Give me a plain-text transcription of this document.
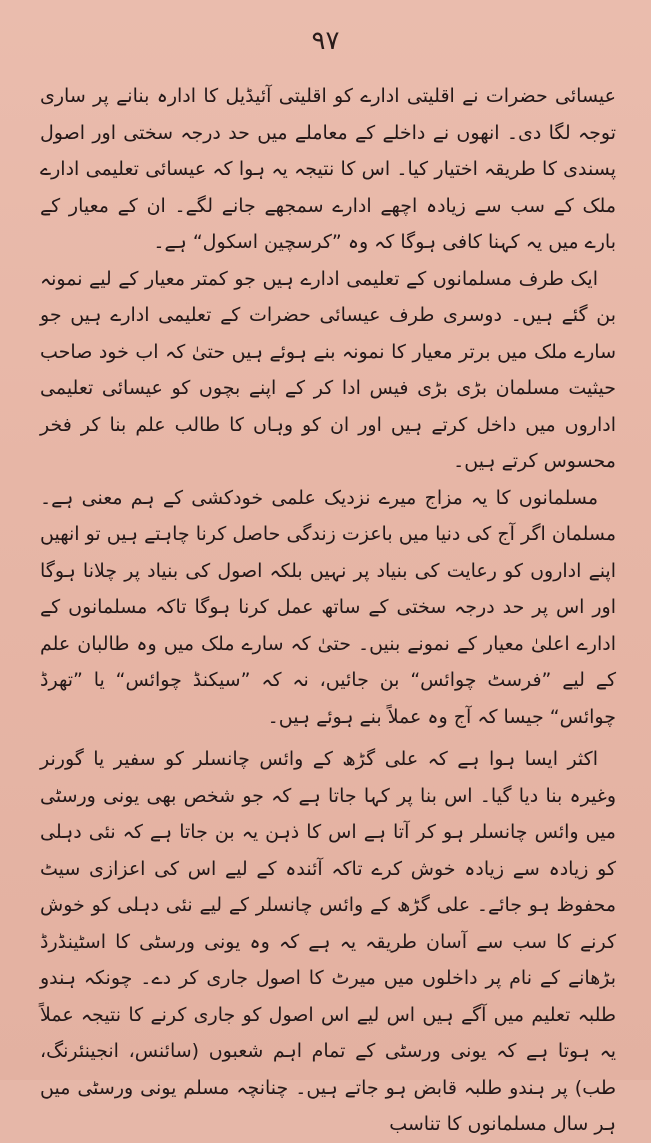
۹۷

عیسائی حضرات نے اقلیتی ادارے کو اقلیتی آئیڈیل کا ادارہ بنانے پر ساری توجہ لگا دی۔ انھوں نے داخلے کے معاملے میں حد درجہ سختی اور اصول پسندی کا طریقہ اختیار کیا۔ اس کا نتیجہ یہ ہوا کہ عیسائی تعلیمی ادارے ملک کے سب سے زیادہ اچھے ادارے سمجھے جانے لگے۔ ان کے معیار کے بارے میں یہ کہنا کافی ہوگا کہ وہ ”کرسچین اسکول“ ہے۔

ایک طرف مسلمانوں کے تعلیمی ادارے ہیں جو کمتر معیار کے لیے نمونہ بن گئے ہیں۔ دوسری طرف عیسائی حضرات کے تعلیمی ادارے ہیں جو سارے ملک میں برتر معیار کا نمونہ بنے ہوئے ہیں حتیٰ کہ اب خود صاحب حیثیت مسلمان بڑی بڑی فیس ادا کر کے اپنے بچوں کو عیسائی تعلیمی اداروں میں داخل کرتے ہیں اور ان کو وہاں کا طالب علم بنا کر فخر محسوس کرتے ہیں۔

مسلمانوں کا یہ مزاج میرے نزدیک علمی خودکشی کے ہم معنی ہے۔ مسلمان اگر آج کی دنیا میں باعزت زندگی حاصل کرنا چاہتے ہیں تو انھیں اپنے اداروں کو رعایت کی بنیاد پر نہیں بلکہ اصول کی بنیاد پر چلانا ہوگا اور اس پر حد درجہ سختی کے ساتھ عمل کرنا ہوگا تاکہ مسلمانوں کے ادارے اعلیٰ معیار کے نمونے بنیں۔ حتیٰ کہ سارے ملک میں وہ طالبان علم کے لیے ”فرسٹ چوائس“ بن جائیں، نہ کہ ”سیکنڈ چوائس“ یا ”تھرڈ چوائس“ جیسا کہ آج وہ عملاً بنے ہوئے ہیں۔

اکثر ایسا ہوا ہے کہ علی گڑھ کے وائس چانسلر کو سفیر یا گورنر وغیرہ بنا دیا گیا۔ اس بنا پر کہا جاتا ہے کہ جو شخص بھی یونی ورسٹی میں وائس چانسلر ہو کر آتا ہے اس کا ذہن یہ بن جاتا ہے کہ نئی دہلی کو زیادہ سے زیادہ خوش کرے تاکہ آئندہ کے لیے اس کی اعزازی سیٹ محفوظ ہو جائے۔ علی گڑھ کے وائس چانسلر کے لیے نئی دہلی کو خوش کرنے کا سب سے آسان طریقہ یہ ہے کہ وہ یونی ورسٹی کا اسٹینڈرڈ بڑھانے کے نام پر داخلوں میں میرٹ کا اصول جاری کر دے۔ چونکہ ہندو طلبہ تعلیم میں آگے ہیں اس لیے اس اصول کو جاری کرنے کا نتیجہ عملاً یہ ہوتا ہے کہ یونی ورسٹی کے تمام اہم شعبوں (سائنس، انجینئرنگ، طب) پر ہندو طلبہ قابض ہو جاتے ہیں۔ چنانچہ مسلم یونی ورسٹی میں ہر سال مسلمانوں کا تناسب
